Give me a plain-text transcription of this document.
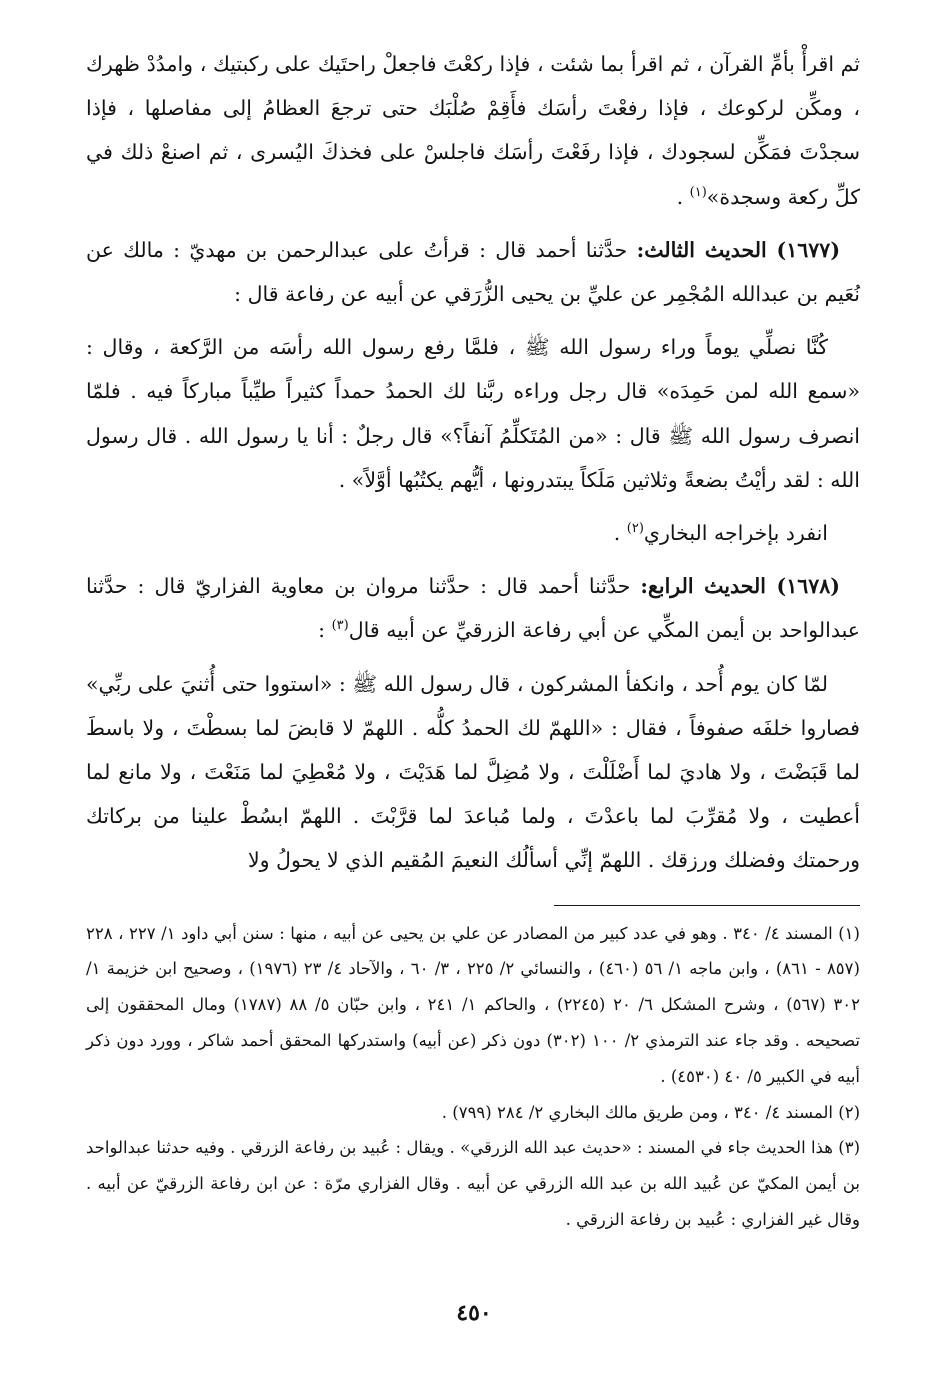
ثم اقرأْ بأمِّ القرآن ، ثم اقرأ بما شئت ، فإذا ركعْتَ فاجعلْ راحتَيك على ركبتيك ، وامدُدْ ظهرك ، ومكِّن لركوعك ، فإذا رفعْتَ رأسَك فأَقِمْ صُلْبَك حتى ترجعَ العظامُ إلى مفاصلها ، فإذا سجدْتَ فمَكِّن لسجودك ، فإذا رفَعْتَ رأسَك فاجلسْ على فخذكَ اليُسرى ، ثم اصنعْ ذلك في كلِّ ركعة وسجدة»$^{(١)}$ .

(١٦٧٧) الحديث الثالث: حدَّثنا أحمد قال : قرأتُ على عبدالرحمن بن مهديّ : مالك عن نُعَيم بن عبدالله المُجْمِر عن عليِّ بن يحيى الزُّرَقي عن أبيه عن رفاعة قال :

كُنَّا نصلِّي يوماً وراء رسول الله ﷺ ، فلمَّا رفع رسول الله رأسَه من الرَّكعة ، وقال : «سمع الله لمن حَمِدَه» قال رجل وراءه ربَّنا لك الحمدُ حمداً كثيراً طيِّباً مباركاً فيه . فلمّا انصرف رسول الله ﷺ قال : «من المُتَكلِّمُ آنفاً؟» قال رجلٌ : أنا يا رسول الله . قال رسول الله : لقد رأيْتُ بضعةً وثلاثين مَلَكاً يبتدرونها ، أيُّهم يكتُبُها أوَّلاً» .

انفرد بإخراجه البخاري$^{(٢)}$ .

(١٦٧٨) الحديث الرابع: حدَّثنا أحمد قال : حدَّثنا مروان بن معاوية الفزاريّ قال : حدَّثنا عبدالواحد بن أيمن المكِّي عن أبي رفاعة الزرقيِّ عن أبيه قال$^{(٣)}$ :

لمّا كان يوم أُحد ، وانكفأ المشركون ، قال رسول الله ﷺ : «استووا حتى أُثنيَ على ربِّي» فصاروا خلفَه صفوفاً ، فقال : «اللهمّ لك الحمدُ كلُّه . اللهمّ لا قابضَ لما بسطْتَ ، ولا باسطَ لما قَبَضْتَ ، ولا هاديَ لما أَضْلَلْتَ ، ولا مُضِلَّ لما هَدَيْتَ ، ولا مُعْطِيَ لما مَنَعْتَ ، ولا مانع لما أعطيت ، ولا مُقرِّبَ لما باعدْتَ ، ولما مُباعدَ لما قرَّبْتَ . اللهمّ ابسُطْ علينا من بركاتك ورحمتك وفضلك ورزقك . اللهمّ إنِّي أسألُك النعيمَ المُقيم الذي لا يحولُ ولا

(١) المسند ٤/ ٣٤٠ . وهو في عدد كبير من المصادر عن علي بن يحيى عن أبيه ، منها : سنن أبي داود ١/ ٢٢٧ ، ٢٢٨ (٨٥٧ - ٨٦١) ، وابن ماجه ١/ ٥٦ (٤٦٠) ، والنسائي ٢/ ٢٢٥ ، ٣/ ٦٠ ، والآحاد ٤/ ٢٣ (١٩٧٦) ، وصحيح ابن خزيمة ١/ ٣٠٢ (٥٦٧) ، وشرح المشكل ٦/ ٢٠ (٢٢٤٥) ، والحاكم ١/ ٢٤١ ، وابن حبّان ٥/ ٨٨ (١٧٨٧) ومال المحققون إلى تصحيحه . وقد جاء عند الترمذي ٢/ ١٠٠ (٣٠٢) دون ذكر (عن أبيه) واستدركها المحقق أحمد شاكر ، وورد دون ذكر أبيه في الكبير ٥/ ٤٠ (٤٥٣٠) .

(٢) المسند ٤/ ٣٤٠ ، ومن طريق مالك البخاري ٢/ ٢٨٤ (٧٩٩) .

(٣) هذا الحديث جاء في المسند : «حديث عبد الله الزرقي» . ويقال : عُبيد بن رفاعة الزرقي . وفيه حدثنا عبدالواحد بن أيمن المكيّ عن عُبيد الله بن عبد الله الزرقي عن أبيه . وقال الفزاري مرّة : عن ابن رفاعة الزرقيّ عن أبيه . وقال غير الفزاري : عُبيد بن رفاعة الزرقي .

٤٥٠
